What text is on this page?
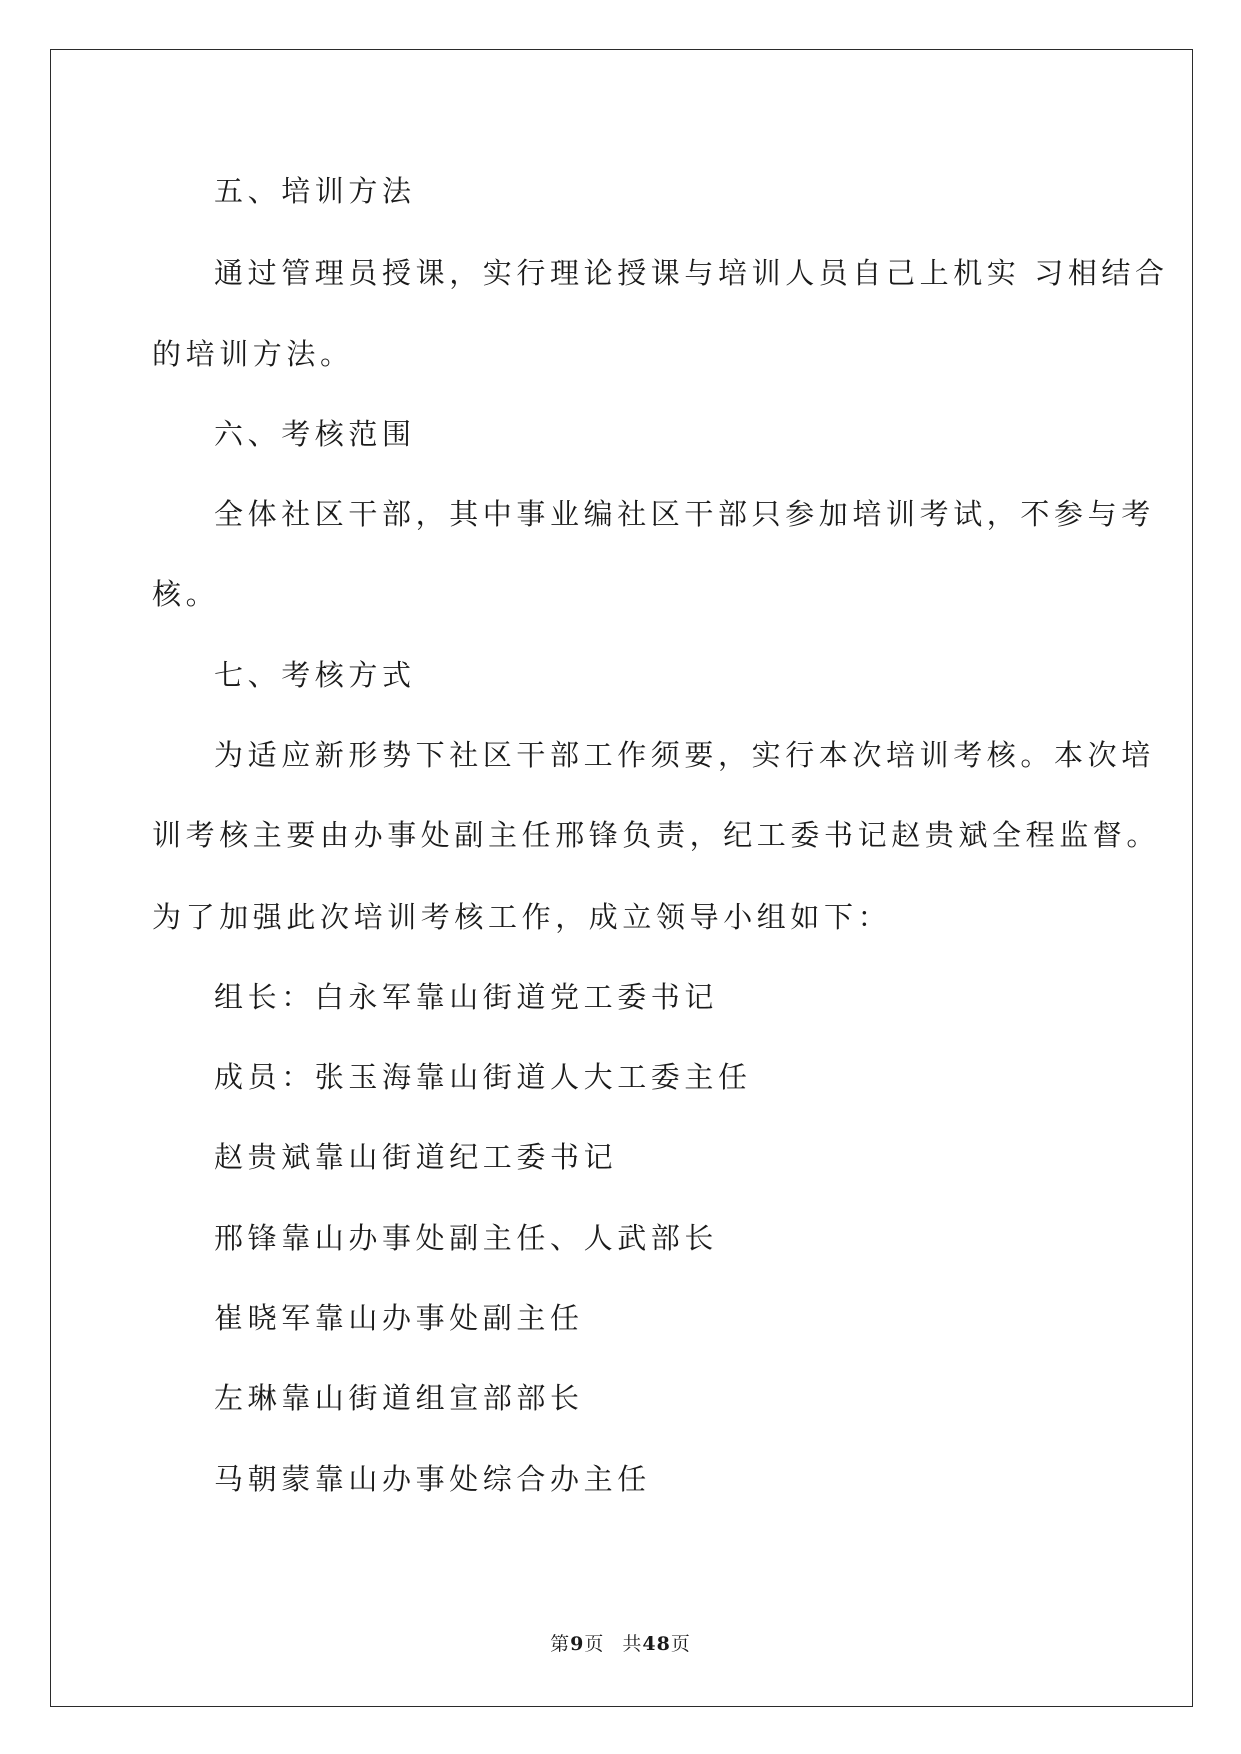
五、培训方法
通过管理员授课，实行理论授课与培训人员自己上机实 习相结合
的培训方法。
六、考核范围
全体社区干部，其中事业编社区干部只参加培训考试，不参与考
核。
七、考核方式
为适应新形势下社区干部工作须要，实行本次培训考核。本次培
训考核主要由办事处副主任邢锋负责，纪工委书记赵贵斌全程监督。
为了加强此次培训考核工作，成立领导小组如下：
组长：白永军靠山街道党工委书记
成员：张玉海靠山街道人大工委主任
赵贵斌靠山街道纪工委书记
邢锋靠山办事处副主任、人武部长
崔晓军靠山办事处副主任
左琳靠山街道组宣部部长
马朝蒙靠山办事处综合办主任
第9页 共48页
